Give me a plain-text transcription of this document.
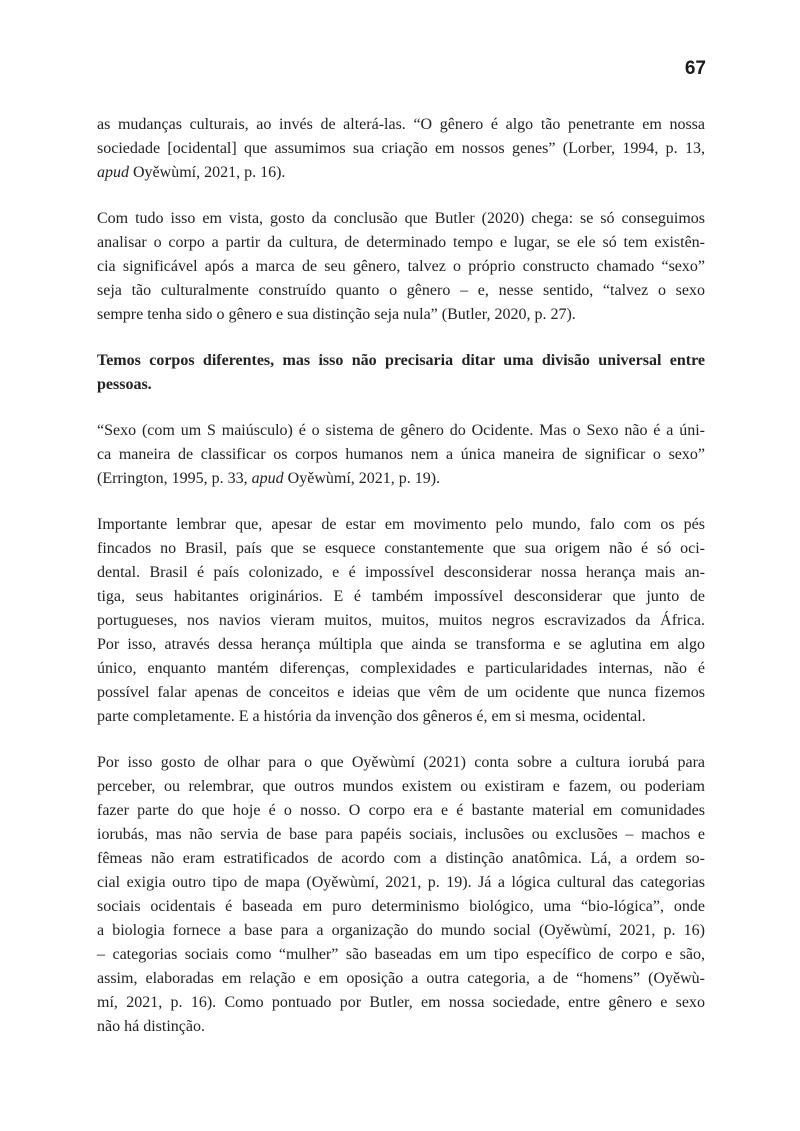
67
as mudanças culturais, ao invés de alterá-las. “O gênero é algo tão penetrante em nossa
sociedade [ocidental] que assumimos sua criação em nossos genes” (Lorber, 1994, p. 13,
apud Oyěwùmí, 2021, p. 16).
Com tudo isso em vista, gosto da conclusão que Butler (2020) chega: se só conseguimos
analisar o corpo a partir da cultura, de determinado tempo e lugar, se ele só tem existên-
cia significável após a marca de seu gênero, talvez o próprio constructo chamado “sexo”
seja tão culturalmente construído quanto o gênero – e, nesse sentido, “talvez o sexo
sempre tenha sido o gênero e sua distinção seja nula” (Butler, 2020, p. 27).
Temos corpos diferentes, mas isso não precisaria ditar uma divisão universal entre
pessoas.
“Sexo (com um S maiúsculo) é o sistema de gênero do Ocidente. Mas o Sexo não é a úni-
ca maneira de classificar os corpos humanos nem a única maneira de significar o sexo”
(Errington, 1995, p. 33, apud Oyěwùmí, 2021, p. 19).
Importante lembrar que, apesar de estar em movimento pelo mundo, falo com os pés
fincados no Brasil, país que se esquece constantemente que sua origem não é só oci-
dental. Brasil é país colonizado, e é impossível desconsiderar nossa herança mais an-
tiga, seus habitantes originários. E é também impossível desconsiderar que junto de
portugueses, nos navios vieram muitos, muitos, muitos negros escravizados da África.
Por isso, através dessa herança múltipla que ainda se transforma e se aglutina em algo
único, enquanto mantém diferenças, complexidades e particularidades internas, não é
possível falar apenas de conceitos e ideias que vêm de um ocidente que nunca fizemos
parte completamente. E a história da invenção dos gêneros é, em si mesma, ocidental.
Por isso gosto de olhar para o que Oyěwùmí (2021) conta sobre a cultura iorubá para
perceber, ou relembrar, que outros mundos existem ou existiram e fazem, ou poderiam
fazer parte do que hoje é o nosso. O corpo era e é bastante material em comunidades
iorubás, mas não servia de base para papéis sociais, inclusões ou exclusões – machos e
fêmeas não eram estratificados de acordo com a distinção anatômica. Lá, a ordem so-
cial exigia outro tipo de mapa (Oyěwùmí, 2021, p. 19). Já a lógica cultural das categorias
sociais ocidentais é baseada em puro determinismo biológico, uma “bio-lógica”, onde
a biologia fornece a base para a organização do mundo social (Oyěwùmí, 2021, p. 16)
– categorias sociais como “mulher” são baseadas em um tipo específico de corpo e são,
assim, elaboradas em relação e em oposição a outra categoria, a de “homens” (Oyěwù-
mí, 2021, p. 16). Como pontuado por Butler, em nossa sociedade, entre gênero e sexo
não há distinção.
